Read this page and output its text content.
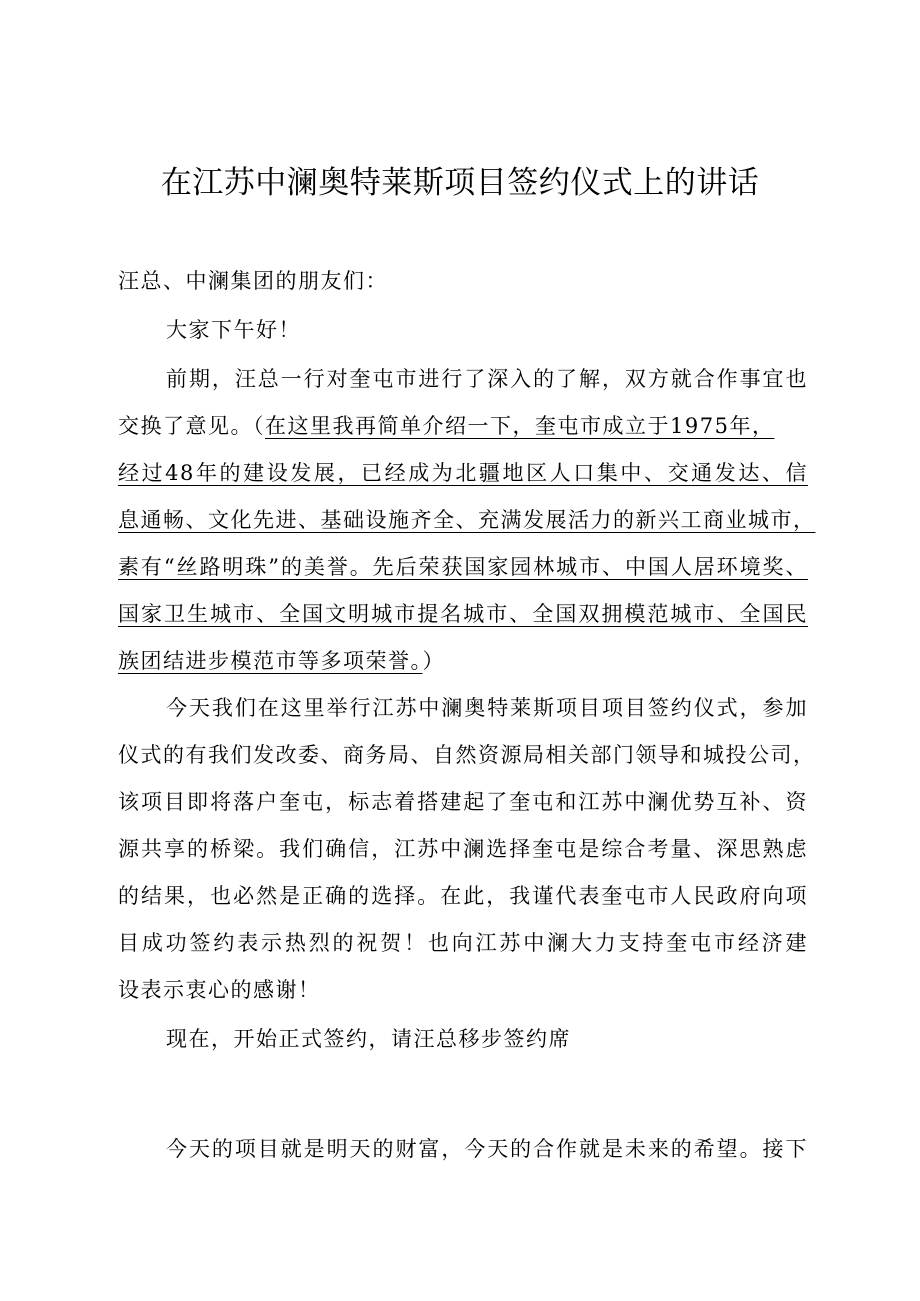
在江苏中澜奥特莱斯项目签约仪式上的讲话
汪总、中澜集团的朋友们：
大家下午好！
前期，汪总一行对奎屯市进行了深入的了解，双方就合作事宜也
交换了意见。（在这里我再简单介绍一下，奎屯市成立于1975年，
经过48年的建设发展，已经成为北疆地区人口集中、交通发达、信
息通畅、文化先进、基础设施齐全、充满发展活力的新兴工商业城市，
素有“丝路明珠”的美誉。先后荣获国家园林城市、中国人居环境奖、
国家卫生城市、全国文明城市提名城市、全国双拥模范城市、全国民
族团结进步模范市等多项荣誉。）
今天我们在这里举行江苏中澜奥特莱斯项目项目签约仪式，参加
仪式的有我们发改委、商务局、自然资源局相关部门领导和城投公司，
该项目即将落户奎屯，标志着搭建起了奎屯和江苏中澜优势互补、资
源共享的桥梁。我们确信，江苏中澜选择奎屯是综合考量、深思熟虑
的结果，也必然是正确的选择。在此，我谨代表奎屯市人民政府向项
目成功签约表示热烈的祝贺！也向江苏中澜大力支持奎屯市经济建
设表示衷心的感谢！
现在，开始正式签约，请汪总移步签约席
今天的项目就是明天的财富，今天的合作就是未来的希望。接下
